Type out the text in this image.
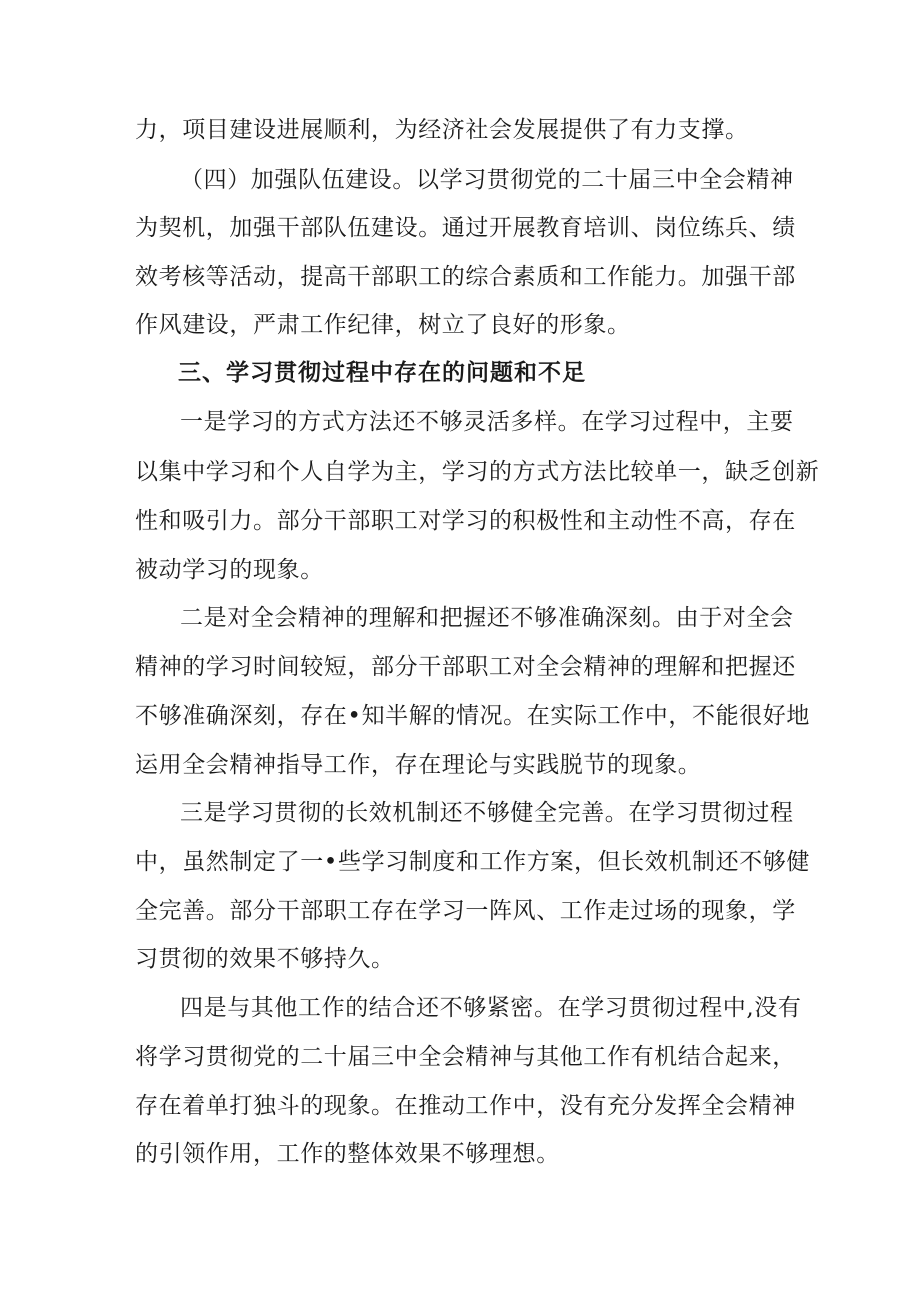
力，项目建设进展顺利，为经济社会发展提供了有力支撑。
（四）加强队伍建设。以学习贯彻党的二十届三中全会精神
为契机，加强干部队伍建设。通过开展教育培训、岗位练兵、绩
效考核等活动，提高干部职工的综合素质和工作能力。加强干部
作风建设，严肃工作纪律，树立了良好的形象。
三、学习贯彻过程中存在的问题和不足
一是学习的方式方法还不够灵活多样。在学习过程中，主要
以集中学习和个人自学为主，学习的方式方法比较单一，缺乏创新
性和吸引力。部分干部职工对学习的积极性和主动性不高，存在
被动学习的现象。
二是对全会精神的理解和把握还不够准确深刻。由于对全会
精神的学习时间较短，部分干部职工对全会精神的理解和把握还
不够准确深刻，存在•知半解的情况。在实际工作中，不能很好地
运用全会精神指导工作，存在理论与实践脱节的现象。
三是学习贯彻的长效机制还不够健全完善。在学习贯彻过程
中，虽然制定了一•些学习制度和工作方案，但长效机制还不够健
全完善。部分干部职工存在学习一阵风、工作走过场的现象，学
习贯彻的效果不够持久。
四是与其他工作的结合还不够紧密。在学习贯彻过程中,没有
将学习贯彻党的二十届三中全会精神与其他工作有机结合起来，
存在着单打独斗的现象。在推动工作中，没有充分发挥全会精神
的引领作用，工作的整体效果不够理想。
